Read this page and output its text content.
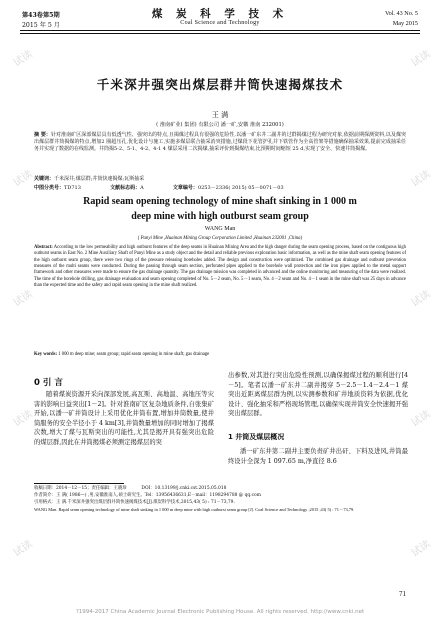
试读	试读
试读	试读
试读	试读
试读	试读
试读	试读
第43卷第5期
2015 年 5 月
煤 炭 科 学 技 术
Coal Science and Technology
Vol. 43 No. 5
May 2015
千米深井强突出煤层群井筒快速揭煤技术
王 满
( 淮南矿业( 集团) 有限公司 潘一矿,安徽 淮南 232001)
摘 要：针对淮南矿区深部煤层具有低透气性、强突出的特点,且揭煤过程具有很强的危险性,以潘一矿东井二副井的过群揭煤过程为研究对象,依据前期探测资料,以及煤突出煤层群井筒揭煤的特点,增加2 圈超压孔,优化设计与施工,实施多煤层联合抽采消突措施,过煤段下花管护孔并下铁管作为全高管架等措施确保抽采效果,提前完成抽采任务并实现了数据的在线监测。井筒揭5-2、5-1、4-2、4-1 4 煤层采用二次揭煤,抽采评价到揭煤结束,比预期时间缩短 25 d,实现了安全、快速井筒揭煤。
关键词：千米深井;煤层群;井筒快速揭煤;瓦斯抽采
中图分类号：TD713	文献标志码：A	文章编号：0253－2336( 2015) 05－0071－03
Rapid seam opening technology of mine shaft sinking in 1 000 m
deep mine with high outburst seam group
WANG Man
( Panyi Mine ,Huainan Mining Group Corporation Limited ,Huainan 232001 ,China)
Abstract: According to the low permeability and high outburst features of the deep seams in Huainan Mining Area and the high danger during the seam opening process, based on the contiguous high outburst seams in East No. 2 Mine Auxiliary Shaft of Panyi Mine as a study object and the detail and reliable previous exploration basic information, as well as the mine shaft seam opening features of the high outburst seam group, there were two rings of the pressure releasing boreholes added. The design and construction were optimized. The combined gas drainage and outburst prevention measures of the multi seams were conducted. During the passing through seam section, perforated pipes applied to the borehole wall protection and the iron pipes applied to the metal support framework and other measures were made to ensure the gas drainage quantity. The gas drainage mission was completed in advanced and the online monitoring and measuring of the data were realized. The time of the borehole drilling, gas drainage evaluation and seam opening completed of No. 5－2 seam, No. 5－1 seam, No. 4－2 seam and No. 4－1 seam in the mine shaft was 25 days in advance than the expected time and the safety and rapid seam opening in the mine shaft realized.
Key words: 1 000 m deep mine; seam group; rapid seam opening in mine shaft; gas drainage
0 引 言
随着煤炭资源开采向深部发展,高瓦斯、高地温、高地压等灾害的影响日益突出[1－2]。针对淮南矿区复杂地质条件,自张集矿开始,以潘一矿井筒设计上采用优化井筒布置,增加井筒数量,使井筒服务的安全半径小于 4 km[3],井筒数量增加的同时增加了揭煤次数,增大了煤与瓦斯突出的可能性,尤其是揭开具有强突出危险的煤层群,因此在井筒揭煤必须测定揭煤层的突
出参数,对其进行突出危险性预测,以确保揭煤过程的顺利进行[4－5]。笔者以潘一矿东井二副井揭穿 5－2.5－1.4－2.4－1 煤突出近距离煤层群为例,以实测参数和矿井地质资料为依据,优化设计、强化抽采和严格现场管理,以确保实现井筒安全快速揭开强突出煤层群。
1 井筒及煤层概况
潘一矿东井第二副井主要负责矿井出矸、下料及进风,井筒最终设计全深为 1 097.65 m,净直径 8.6
收稿日期：2014－12－15；责任编辑：王晓珍	DOI：10.13199/j.cnki.cst.2015.05.018
作者简介：王 满( 1986—) ,男,安徽淮南人,硕士研究生。Tel：13956436631,E－mail：1198294788 @ qq.com
引用格式：王 满.千米深井强突出煤层群井筒快速揭煤技术[J].煤炭科学技术,2015,43( 5) : 71－73,79.
WANG Man. Rapid seam opening technology of mine shaft sinking in 1 000 m deep mine with high outburst seam group [J]. Coal Science and Technology ,2015 ,43( 5) : 71－73,79.
71
?1994-2017 China Academic Journal Electronic Publishing House. All rights reserved. http://www.cnki.net
